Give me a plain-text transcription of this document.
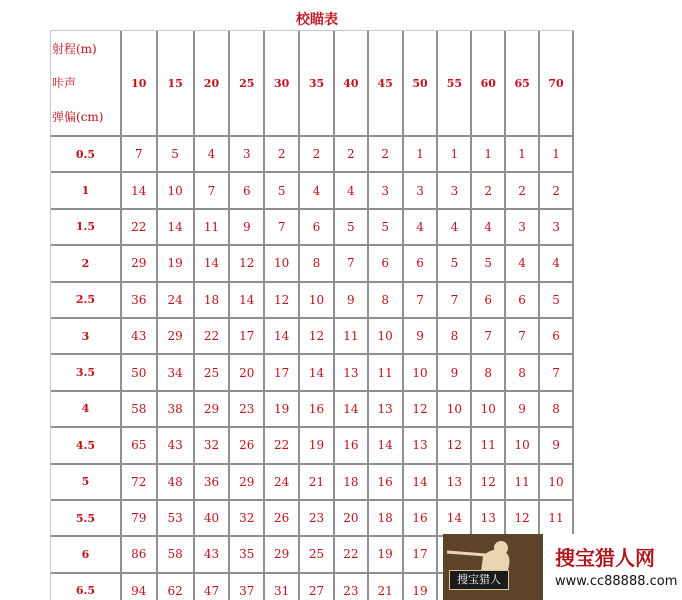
校瞄表
射程(m)
咔声
弹偏(cm)	10	15	20	25	30	35	40	45	50	55	60	65	70
0.5	7	5	4	3	2	2	2	2	1	1	1	1	1
1	14	10	7	6	5	4	4	3	3	3	2	2	2
1.5	22	14	11	9	7	6	5	5	4	4	4	3	3
2	29	19	14	12	10	8	7	6	6	5	5	4	4
2.5	36	24	18	14	12	10	9	8	7	7	6	6	5
3	43	29	22	17	14	12	11	10	9	8	7	7	6
3.5	50	34	25	20	17	14	13	11	10	9	8	8	7
4	58	38	29	23	19	16	14	13	12	10	10	9	8
4.5	65	43	32	26	22	19	16	14	13	12	11	10	9
5	72	48	36	29	24	21	18	16	14	13	12	11	10
5.5	79	53	40	32	26	23	20	18	16	14	13	12	11
6	86	58	43	35	29	25	22	19	17				
6.5	94	62	47	37	31	27	23	21	19				
搜宝猎人
搜宝猎人网
www.cc88888.com
